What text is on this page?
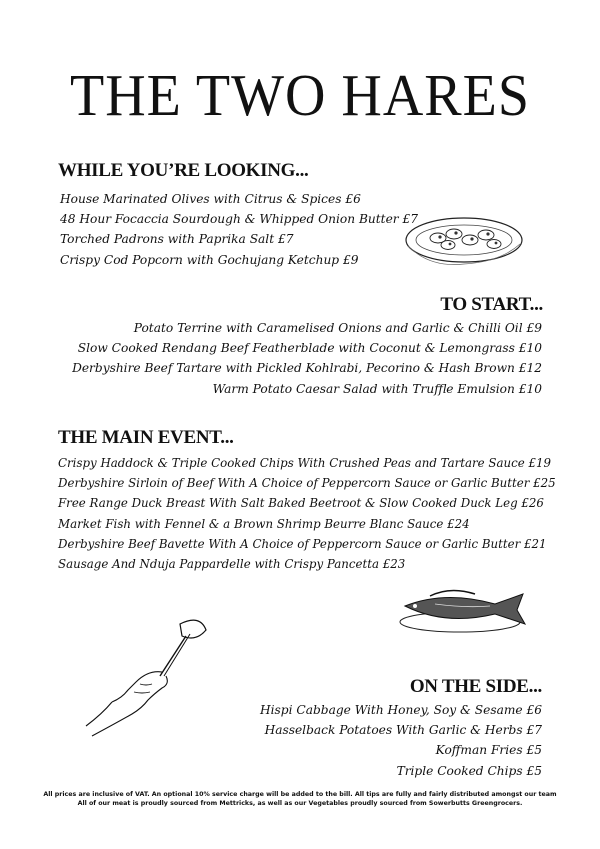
THE TWO HARES
WHILE YOU’RE LOOKING...
House Marinated Olives with Citrus & Spices £6
48 Hour Focaccia Sourdough & Whipped Onion Butter £7
Torched Padrons with Paprika Salt £7
Crispy Cod Popcorn with Gochujang Ketchup £9
TO START...
Potato Terrine with Caramelised Onions and Garlic & Chilli Oil £9
Slow Cooked Rendang Beef Featherblade with Coconut & Lemongrass £10
Derbyshire Beef Tartare with Pickled Kohlrabi, Pecorino & Hash Brown £12
Warm Potato Caesar Salad with Truffle Emulsion £10
THE MAIN EVENT...
Crispy Haddock & Triple Cooked Chips With Crushed Peas and Tartare Sauce £19
Derbyshire Sirloin of Beef With A Choice of Peppercorn Sauce or Garlic Butter £25
Free Range Duck Breast With Salt Baked Beetroot & Slow Cooked Duck Leg £26
Market Fish with Fennel & a Brown Shrimp Beurre Blanc Sauce £24
Derbyshire Beef Bavette With A Choice of Peppercorn Sauce or Garlic Butter £21
Sausage And Nduja Pappardelle with Crispy Pancetta £23
ON THE SIDE...
Hispi Cabbage With Honey, Soy & Sesame £6
Hasselback Potatoes With Garlic & Herbs £7
Koffman Fries £5
Triple Cooked Chips £5
All prices are inclusive of VAT. An optional 10% service charge will be added to the bill. All tips are fully and fairly distributed amongst our team
All of our meat is proudly sourced from Mettricks, as well as our Vegetables proudly sourced from Sowerbutts Greengrocers.
